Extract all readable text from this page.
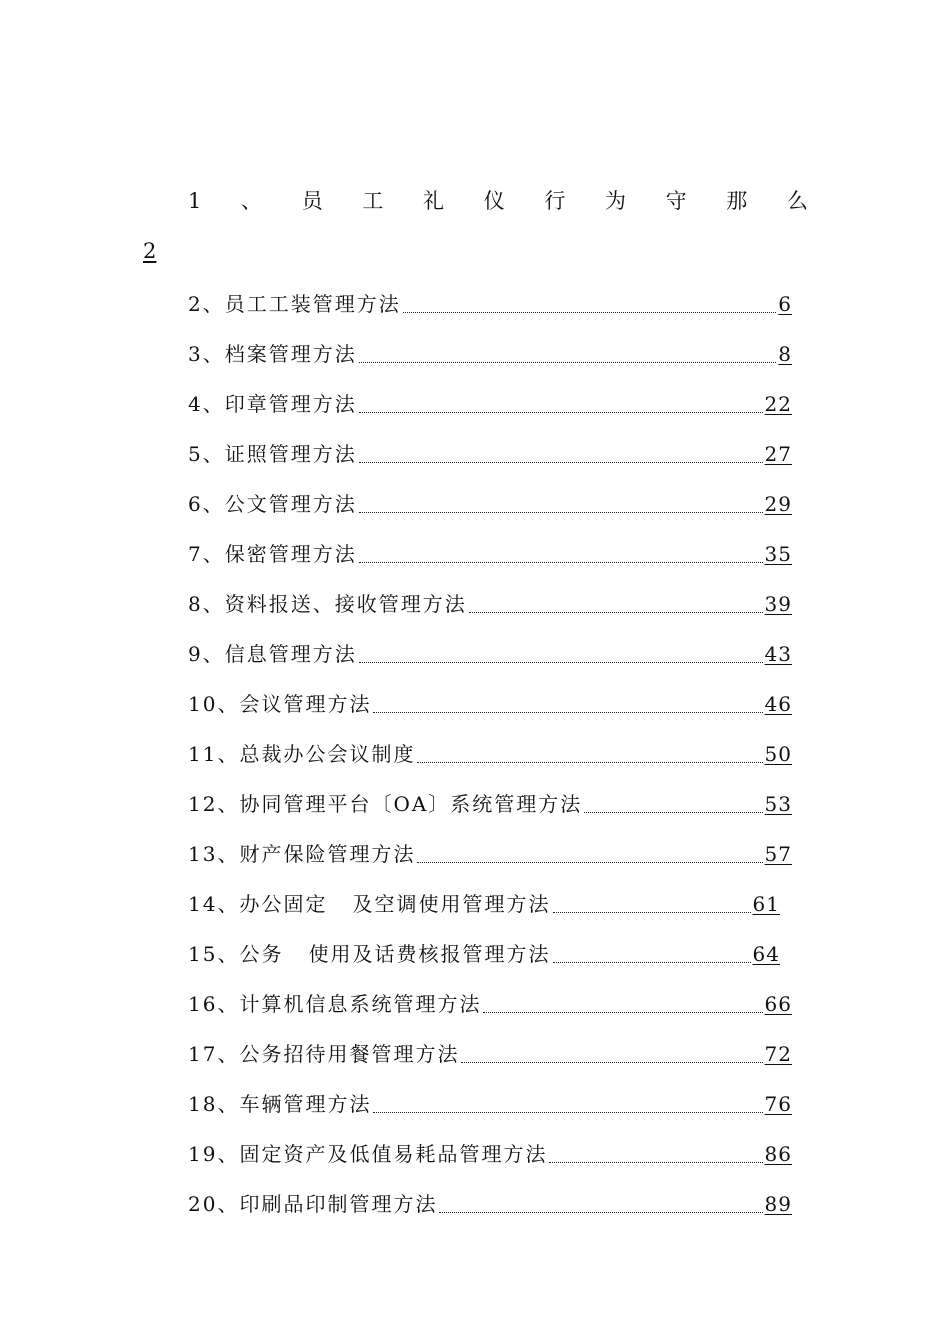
1 、 员 工 礼 仪 行 为 守 那 么
2
2、员工工装管理方法	6
3、档案管理方法	8
4、印章管理方法	22
5、证照管理方法	27
6、公文管理方法	29
7、保密管理方法	35
8、资料报送、接收管理方法	39
9、信息管理方法	43
10、会议管理方法	46
11、总裁办公会议制度	50
12、协同管理平台〔OA〕系统管理方法	53
13、财产保险管理方法	57
14、办公固定   及空调使用管理方法	61
15、公务   使用及话费核报管理方法	64
16、计算机信息系统管理方法	66
17、公务招待用餐管理方法	72
18、车辆管理方法	76
19、固定资产及低值易耗品管理方法	86
20、印刷品印制管理方法	89
